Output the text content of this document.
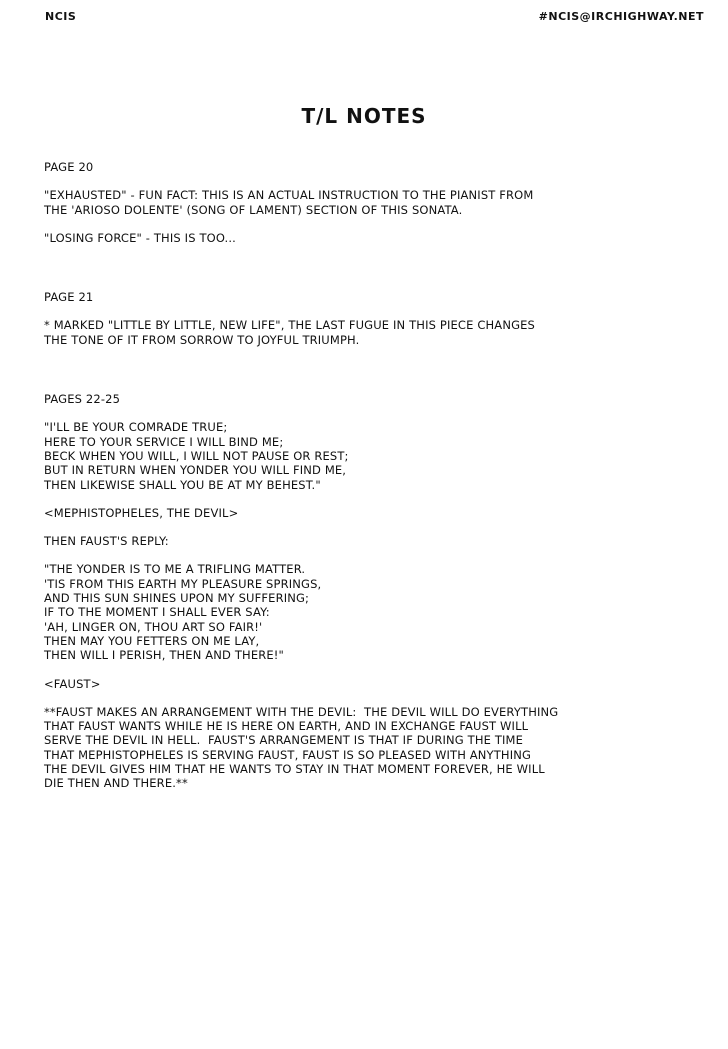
NCIS	#NCIS@IRCHIGHWAY.NET
T/L NOTES
PAGE 20
"EXHAUSTED" - FUN FACT: THIS IS AN ACTUAL INSTRUCTION TO THE PIANIST FROM
THE 'ARIOSO DOLENTE' (SONG OF LAMENT) SECTION OF THIS SONATA.
"LOSING FORCE" - THIS IS TOO...
PAGE 21
* MARKED "LITTLE BY LITTLE, NEW LIFE", THE LAST FUGUE IN THIS PIECE CHANGES
THE TONE OF IT FROM SORROW TO JOYFUL TRIUMPH.
PAGES 22-25
"I'LL BE YOUR COMRADE TRUE;
HERE TO YOUR SERVICE I WILL BIND ME;
BECK WHEN YOU WILL, I WILL NOT PAUSE OR REST;
BUT IN RETURN WHEN YONDER YOU WILL FIND ME,
THEN LIKEWISE SHALL YOU BE AT MY BEHEST."
<MEPHISTOPHELES, THE DEVIL>
THEN FAUST'S REPLY:
"THE YONDER IS TO ME A TRIFLING MATTER.
'TIS FROM THIS EARTH MY PLEASURE SPRINGS,
AND THIS SUN SHINES UPON MY SUFFERING;
IF TO THE MOMENT I SHALL EVER SAY:
'AH, LINGER ON, THOU ART SO FAIR!'
THEN MAY YOU FETTERS ON ME LAY,
THEN WILL I PERISH, THEN AND THERE!"
<FAUST>
**FAUST MAKES AN ARRANGEMENT WITH THE DEVIL:  THE DEVIL WILL DO EVERYTHING
THAT FAUST WANTS WHILE HE IS HERE ON EARTH, AND IN EXCHANGE FAUST WILL
SERVE THE DEVIL IN HELL.  FAUST'S ARRANGEMENT IS THAT IF DURING THE TIME
THAT MEPHISTOPHELES IS SERVING FAUST, FAUST IS SO PLEASED WITH ANYTHING
THE DEVIL GIVES HIM THAT HE WANTS TO STAY IN THAT MOMENT FOREVER, HE WILL
DIE THEN AND THERE.**
